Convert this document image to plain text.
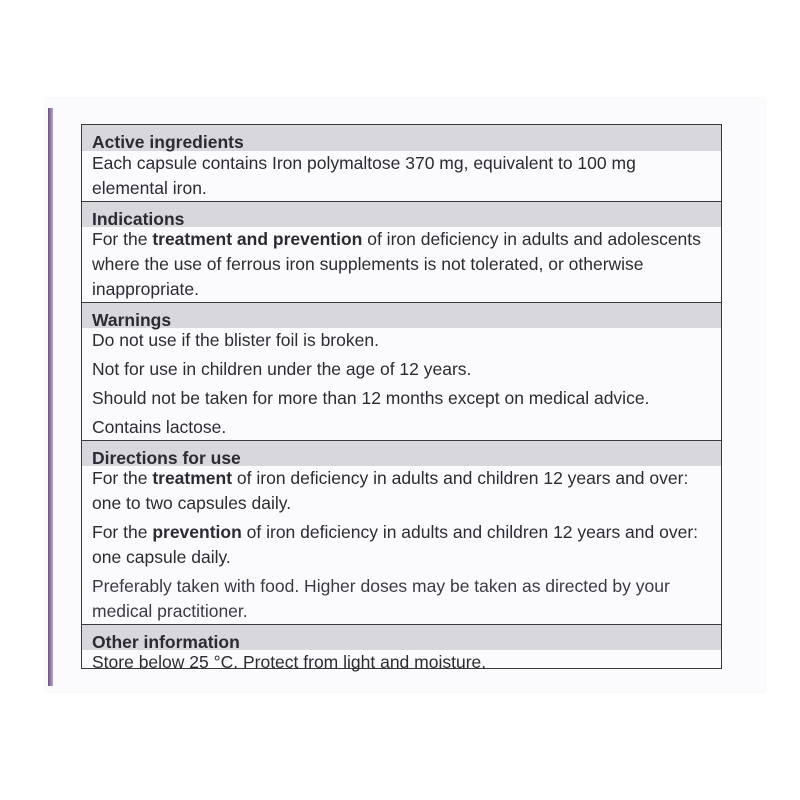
Active ingredients

Each capsule contains Iron polymaltose 370 mg, equivalent to 100 mg elemental iron.

Indications

For the treatment and prevention of iron deficiency in adults and adolescents where the use of ferrous iron supplements is not tolerated, or otherwise inappropriate.

Warnings

Do not use if the blister foil is broken.

Not for use in children under the age of 12 years.

Should not be taken for more than 12 months except on medical advice.

Contains lactose.

Directions for use

For the treatment of iron deficiency in adults and children 12 years and over: one to two capsules daily.

For the prevention of iron deficiency in adults and children 12 years and over: one capsule daily.

Preferably taken with food. Higher doses may be taken as directed by your medical practitioner.

Other information

Store below 25 °C. Protect from light and moisture.
